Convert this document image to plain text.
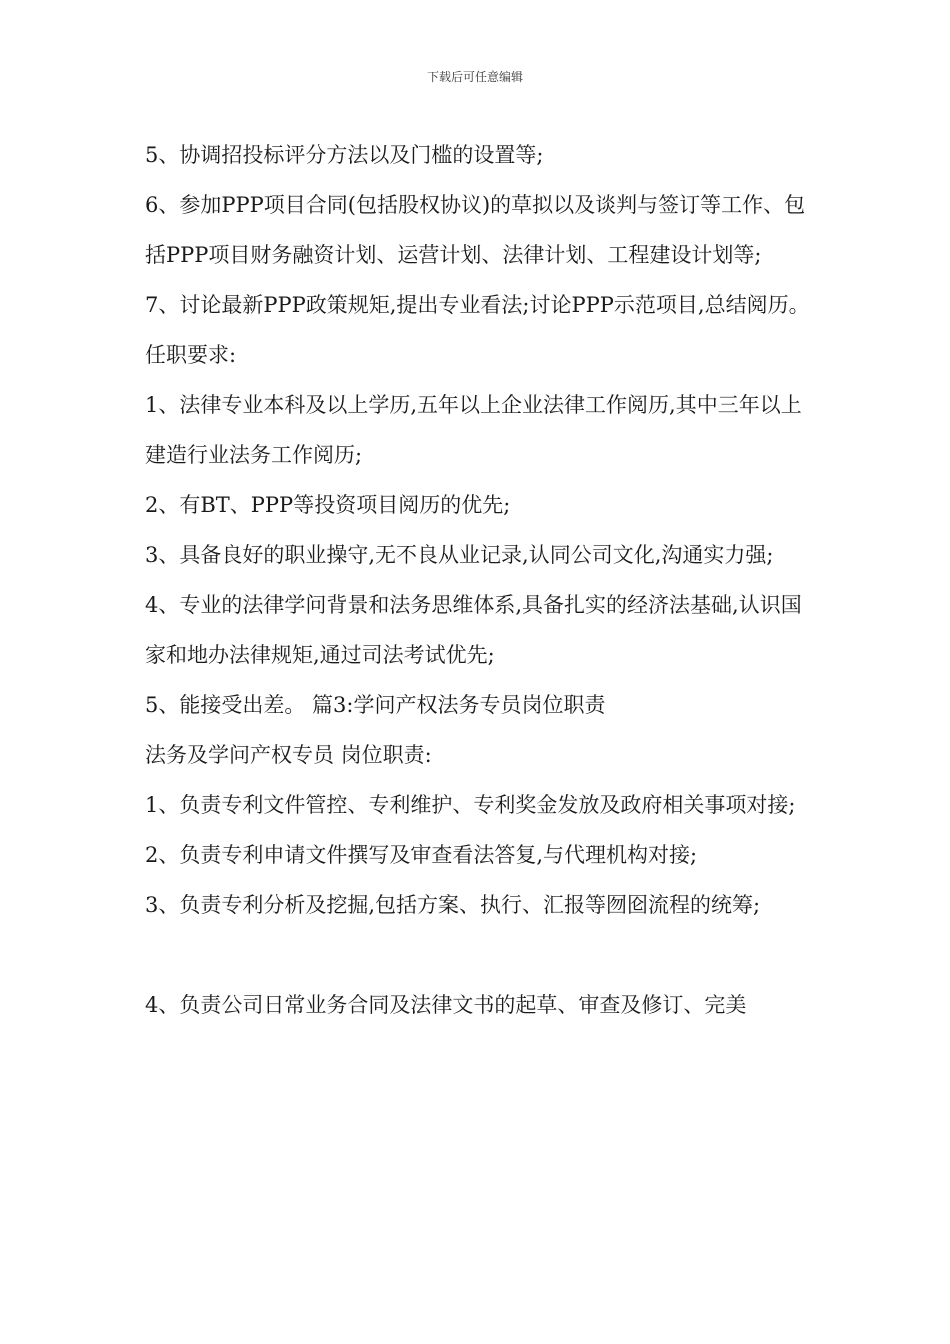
下载后可任意编辑

5、协调招投标评分方法以及门槛的设置等;

6、参加PPP项目合同(包括股权协议)的草拟以及谈判与签订等工作、包括PPP项目财务融资计划、运营计划、法律计划、工程建设计划等;

7、讨论最新PPP政策规矩,提出专业看法;讨论PPP示范项目,总结阅历。

任职要求:

1、法律专业本科及以上学历,五年以上企业法律工作阅历,其中三年以上建造行业法务工作阅历;

2、有BT、PPP等投资项目阅历的优先;

3、具备良好的职业操守,无不良从业记录,认同公司文化,沟通实力强;

4、专业的法律学问背景和法务思维体系,具备扎实的经济法基础,认识国家和地办法律规矩,通过司法考试优先;

5、能接受出差。 篇3:学问产权法务专员岗位职责

法务及学问产权专员 岗位职责:

1、负责专利文件管控、专利维护、专利奖金发放及政府相关事项对接;

2、负责专利申请文件撰写及审查看法答复,与代理机构对接;

3、负责专利分析及挖掘,包括方案、执行、汇报等囫囵流程的统筹;

4、负责公司日常业务合同及法律文书的起草、审查及修订、完美
